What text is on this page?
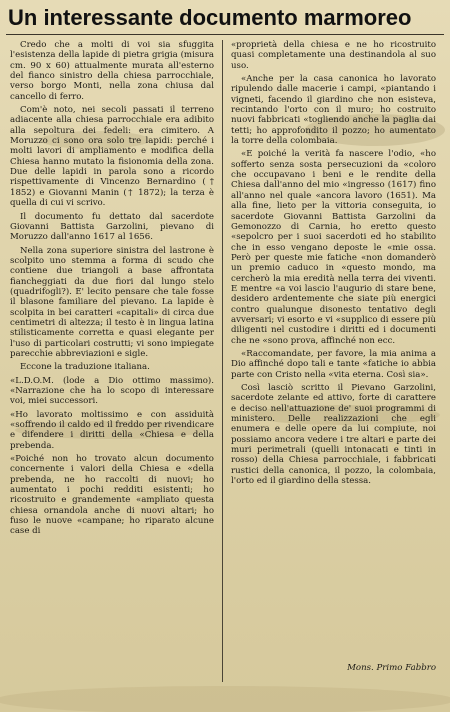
Un interessante documento marmoreo

Credo che a molti di voi sia sfuggita l'esistenza della lapide di pietra grigia (misura cm. 90 x 60) attualmente murata all'esterno del fianco sinistro della chiesa parrocchiale, verso borgo Monti, nella zona chiusa dal cancello di ferro.

Com'è noto, nei secoli passati il terreno adiacente alla chiesa parrocchiale era adibito alla sepoltura dei fedeli: era cimitero. A Moruzzo ci sono ora solo tre lapidi: perché i molti lavori di ampliamento e modifica della Chiesa hanno mutato la fisionomia della zona. Due delle lapidi in parola sono a ricordo rispettivamente di Vincenzo Bernardino († 1852) e Giovanni Manin († 1872); la terza è quella di cui vi scrivo.

Il documento fu dettato dal sacerdote Giovanni Battista Garzolini, pievano di Moruzzo dall'anno 1617 al 1656.

Nella zona superiore sinistra del lastrone è scolpito uno stemma a forma di scudo che contiene due triangoli a base affrontata fiancheggiati da due fiori dal lungo stelo (quadrifogli?). E' lecito pensare che tale fosse il blasone familiare del pievano. La lapide è scolpita in bei caratteri «capitali» di circa due centimetri di altezza; il testo è in lingua latina stilisticamente corretta e quasi elegante per l'uso di particolari costrutti; vi sono impiegate parecchie abbreviazioni e sigle.

Eccone la traduzione italiana.

«L.D.O.M. (lode a Dio ottimo massimo). «Narrazione che ha lo scopo di interessare voi, miei successori.

«Ho lavorato moltissimo e con assiduità «soffrendo il caldo ed il freddo per rivendicare e difendere i diritti della «Chiesa e della prebenda.

«Poiché non ho trovato alcun documento concernente i valori della Chiesa e «della prebenda, ne ho raccolti di nuovi; ho aumentato i pochi redditi esistenti; ho ricostruito e grandemente «ampliato questa chiesa ornandola anche di nuovi altari; ho fuso le nuove «campane; ho riparato alcune case di

«proprietà della chiesa e ne ho ricostruito quasi completamente una destinandola al suo uso.

«Anche per la casa canonica ho lavorato ripulendo dalle macerie i campi, «piantando i vigneti, facendo il giardino che non esisteva, recintando l'orto con il muro; ho costruito nuovi fabbricati «togliendo anche la paglia dai tetti; ho approfondito il pozzo; ho aumentato la torre della colombaia.

«E poiché la verità fa nascere l'odio, «ho sofferto senza sosta persecuzioni da «coloro che occupavano i beni e le rendite della Chiesa dall'anno del mio «ingresso (1617) fino all'anno nel quale «ancora lavoro (1651). Ma alla fine, lieto per la vittoria conseguita, io sacerdote Giovanni Battista Garzolini da Gemonozzo di Carnia, ho eretto questo «sepolcro per i suoi sacerdoti ed ho stabilito che in esso vengano deposte le «mie ossa. Però per queste mie fatiche «non domanderò un premio caduco in «questo mondo, ma cercherò la mia eredità nella terra dei viventi. E mentre «a voi lascio l'augurio di stare bene, desidero ardentemente che siate più energici contro qualunque disonesto tentativo degli avversari; vi esorto e vi «supplico di essere più diligenti nel custodire i diritti ed i documenti che ne «sono prova, affinché non ecc.

«Raccomandate, per favore, la mia anima a Dio affinché dopo tali e tante «fatiche io abbia parte con Cristo nella «vita eterna. Così sia».

Così lasciò scritto il Pievano Garzolini, sacerdote zelante ed attivo, forte di carattere e deciso nell'attuazione de' suoi programmi di ministero. Delle realizzazioni che egli enumera e delle opere da lui compiute, noi possiamo ancora vedere i tre altari e parte dei muri perimetrali (quelli intonacati e tinti in rosso) della Chiesa parrocchiale, i fabbricati rustici della canonica, il pozzo, la colombaia, l'orto ed il giardino della stessa.

Mons. Primo Fabbro
